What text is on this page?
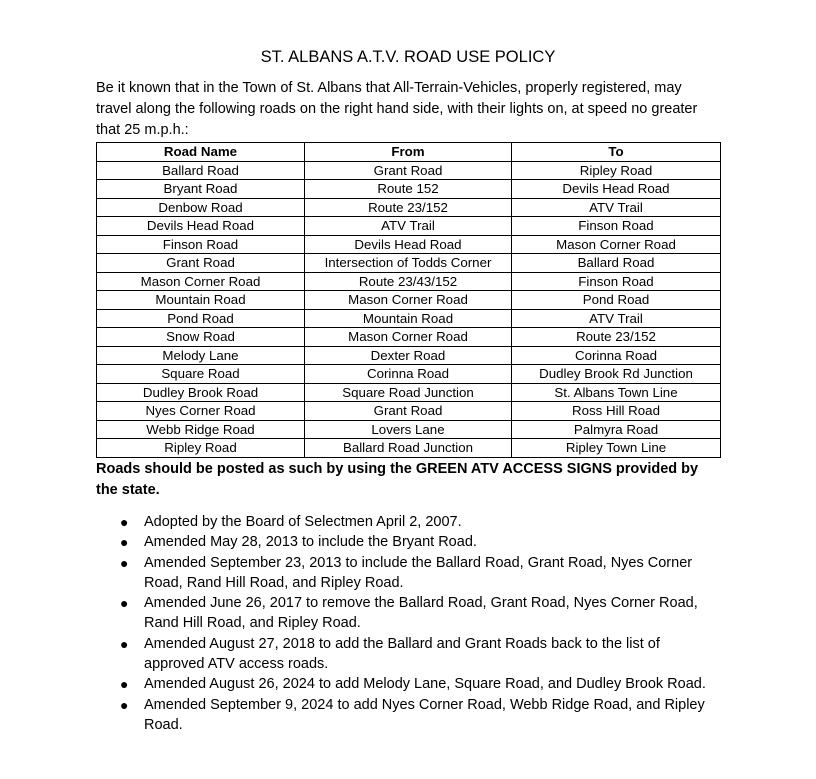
ST. ALBANS A.T.V. ROAD USE POLICY

Be it known that in the Town of St. Albans that All-Terrain-Vehicles, properly registered, may travel along the following roads on the right hand side, with their lights on, at speed no greater that 25 m.p.h.:

Road Name	From	To
Ballard Road	Grant Road	Ripley Road
Bryant Road	Route 152	Devils Head Road
Denbow Road	Route 23/152	ATV Trail
Devils Head Road	ATV Trail	Finson Road
Finson Road	Devils Head Road	Mason Corner Road
Grant Road	Intersection of Todds Corner	Ballard Road
Mason Corner Road	Route 23/43/152	Finson Road
Mountain Road	Mason Corner Road	Pond Road
Pond Road	Mountain Road	ATV Trail
Snow Road	Mason Corner Road	Route 23/152
Melody Lane	Dexter Road	Corinna Road
Square Road	Corinna Road	Dudley Brook Rd Junction
Dudley Brook Road	Square Road Junction	St. Albans Town Line
Nyes Corner Road	Grant Road	Ross Hill Road
Webb Ridge Road	Lovers Lane	Palmyra Road
Ripley Road	Ballard Road Junction	Ripley Town Line

Roads should be posted as such by using the GREEN ATV ACCESS SIGNS provided by the state.

● Adopted by the Board of Selectmen April 2, 2007.
● Amended May 28, 2013 to include the Bryant Road.
● Amended September 23, 2013 to include the Ballard Road, Grant Road, Nyes Corner Road, Rand Hill Road, and Ripley Road.
● Amended June 26, 2017 to remove the Ballard Road, Grant Road, Nyes Corner Road, Rand Hill Road, and Ripley Road.
● Amended August 27, 2018 to add the Ballard and Grant Roads back to the list of approved ATV access roads.
● Amended August 26, 2024 to add Melody Lane, Square Road, and Dudley Brook Road.
● Amended September 9, 2024 to add Nyes Corner Road, Webb Ridge Road, and Ripley Road.
